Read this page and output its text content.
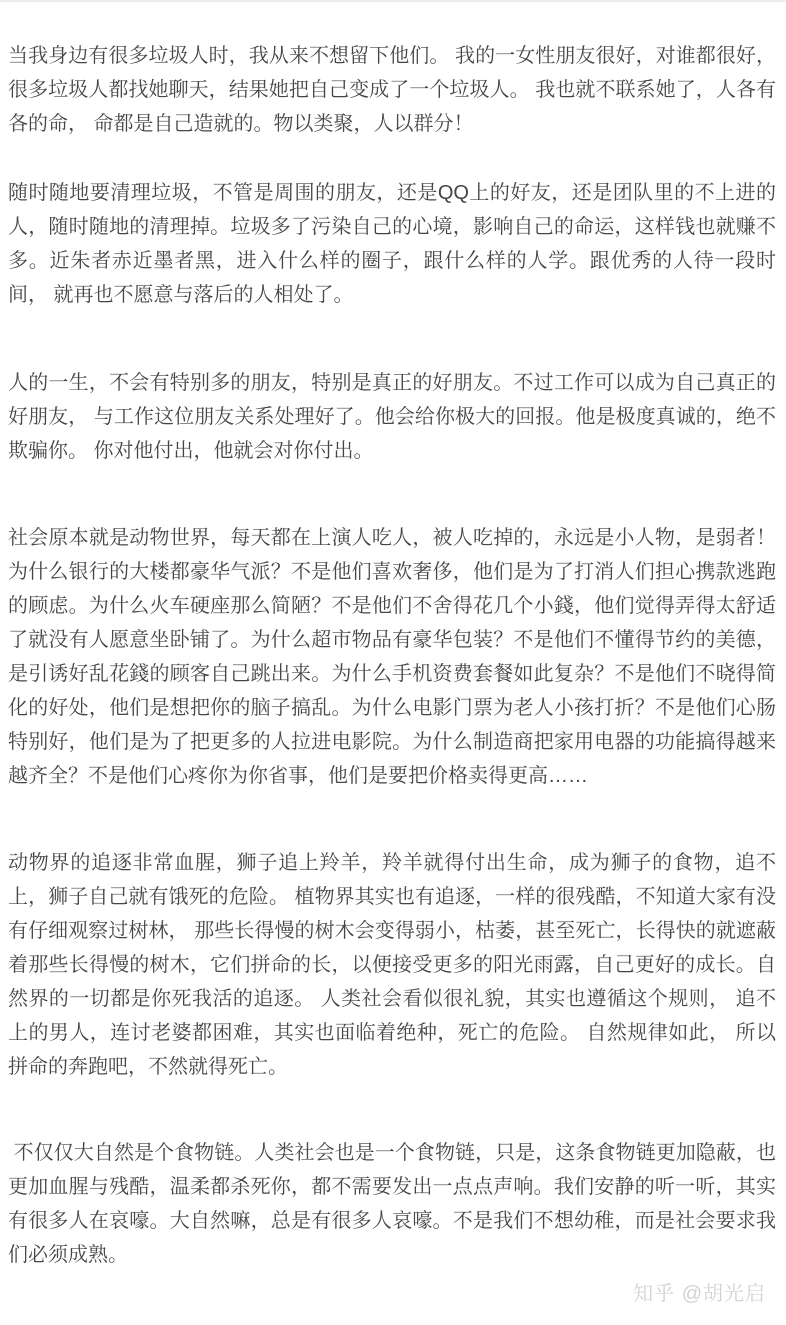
当我身边有很多垃圾人时，我从来不想留下他们。 我的一女性朋友很好，对谁都很好，很多垃圾人都找她聊天，结果她把自己变成了一个垃圾人。 我也就不联系她了，人各有各的命， 命都是自己造就的。物以类聚，人以群分！

随时随地要清理垃圾，不管是周围的朋友，还是QQ上的好友，还是团队里的不上进的人，随时随地的清理掉。垃圾多了污染自己的心境，影响自己的命运，这样钱也就赚不多。近朱者赤近墨者黑，进入什么样的圈子，跟什么样的人学。跟优秀的人待一段时间， 就再也不愿意与落后的人相处了。

人的一生，不会有特别多的朋友，特别是真正的好朋友。不过工作可以成为自己真正的好朋友， 与工作这位朋友关系处理好了。他会给你极大的回报。他是极度真诚的，绝不欺骗你。 你对他付出，他就会对你付出。

社会原本就是动物世界，每天都在上演人吃人，被人吃掉的，永远是小人物，是弱者！为什么银行的大楼都豪华气派？不是他们喜欢奢侈，他们是为了打消人们担心携款逃跑的顾虑。为什么火车硬座那么简陋？不是他们不舍得花几个小錢，他们觉得弄得太舒适了就没有人愿意坐卧铺了。为什么超市物品有豪华包装？不是他们不懂得节约的美德，是引诱好乱花錢的顾客自己跳出来。为什么手机资费套餐如此复杂？不是他们不晓得简化的好处，他们是想把你的脑子搞乱。为什么电影门票为老人小孩打折？不是他们心肠特别好，他们是为了把更多的人拉进电影院。为什么制造商把家用电器的功能搞得越来越齐全？不是他们心疼你为你省事，他们是要把价格卖得更高……

动物界的追逐非常血腥，狮子追上羚羊，羚羊就得付出生命，成为狮子的食物，追不上，狮子自己就有饿死的危险。 植物界其实也有追逐，一样的很残酷，不知道大家有没有仔细观察过树林， 那些长得慢的树木会变得弱小，枯萎，甚至死亡，长得快的就遮蔽着那些长得慢的树木，它们拼命的长，以便接受更多的阳光雨露，自己更好的成长。自然界的一切都是你死我活的追逐。 人类社会看似很礼貌，其实也遵循这个规则， 追不上的男人，连讨老婆都困难，其实也面临着绝种，死亡的危险。 自然规律如此， 所以拼命的奔跑吧，不然就得死亡。

不仅仅大自然是个食物链。人类社会也是一个食物链，只是，这条食物链更加隐蔽，也更加血腥与残酷，温柔都杀死你，都不需要发出一点点声响。我们安静的听一听，其实有很多人在哀嚎。大自然嘛，总是有很多人哀嚎。不是我们不想幼稚，而是社会要求我们必须成熟。

知乎 @胡光启
